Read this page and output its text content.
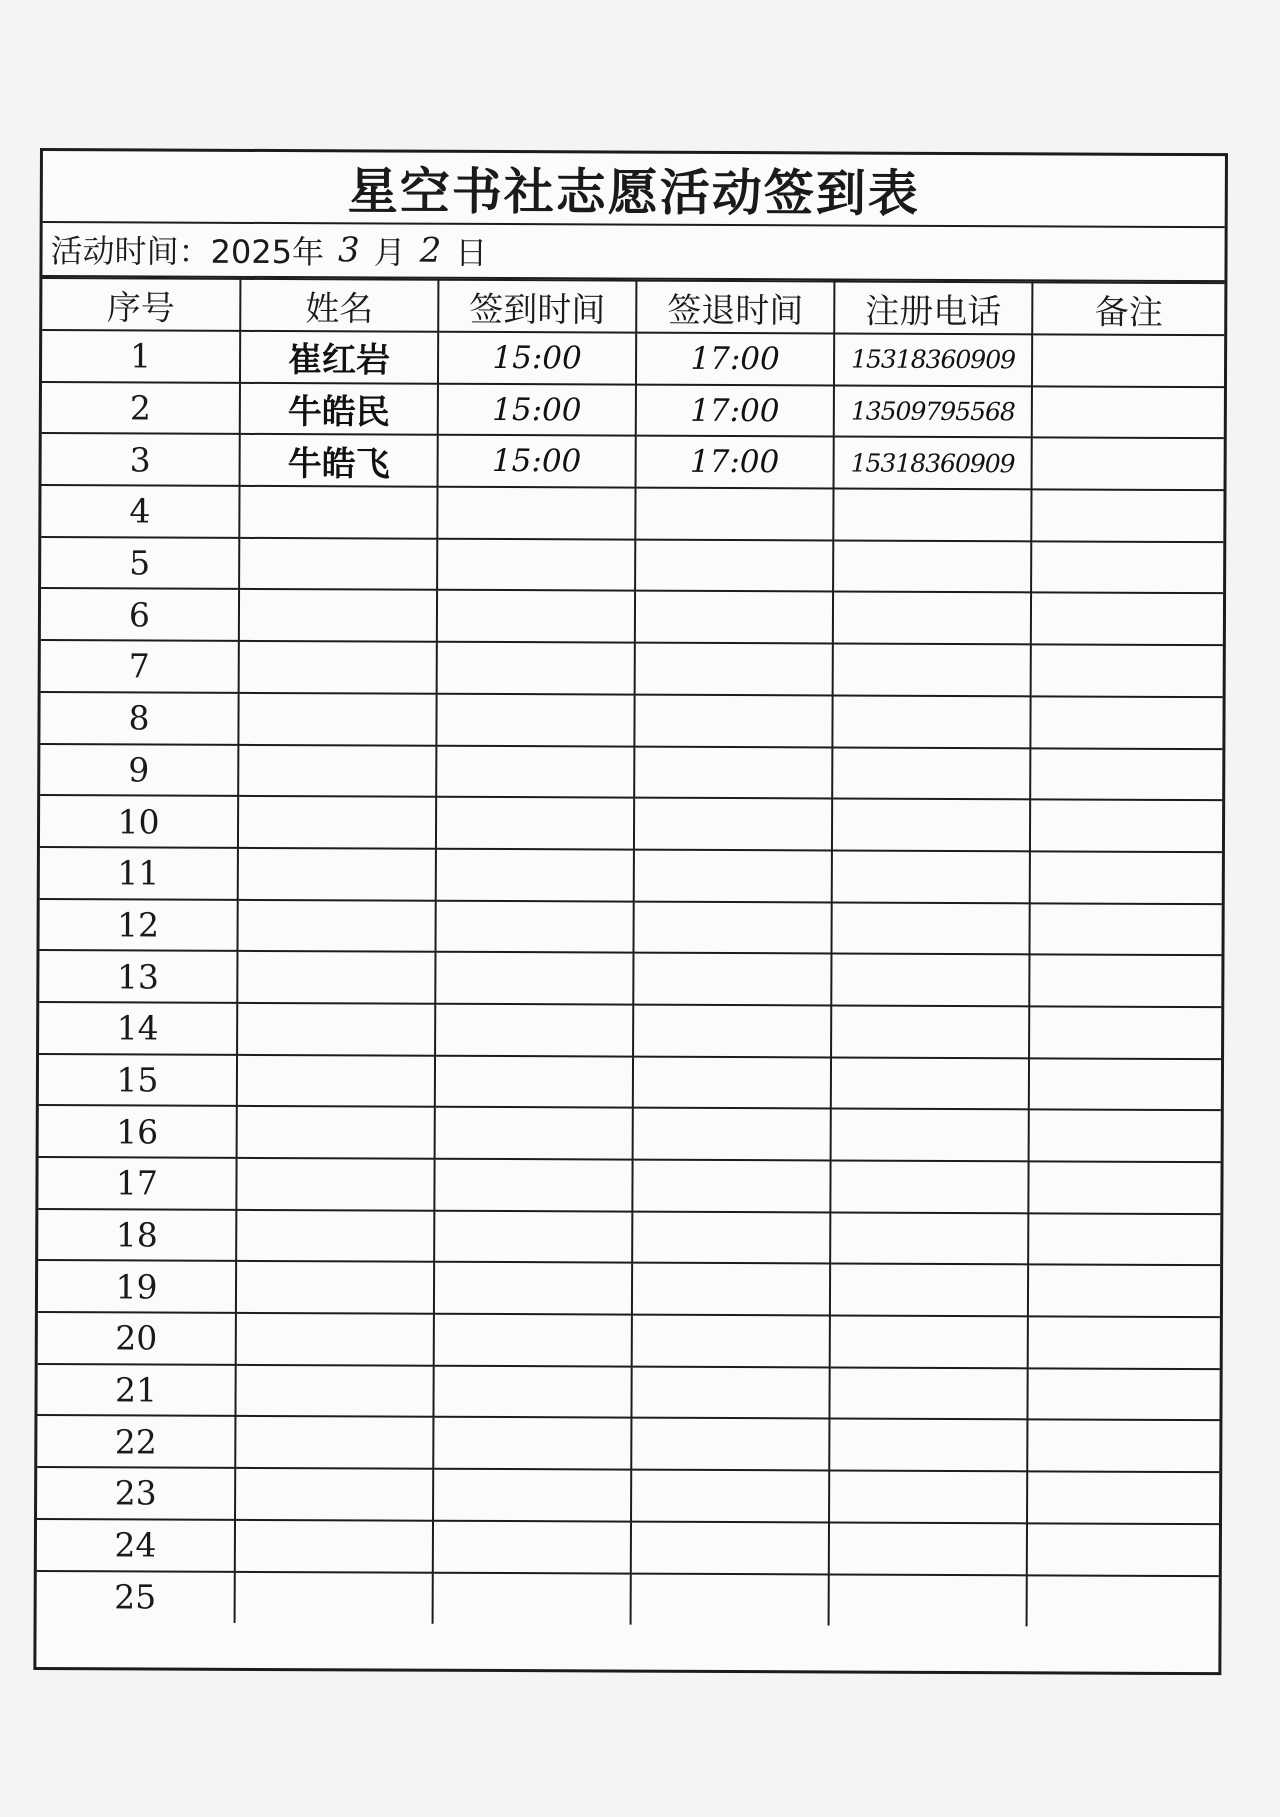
星空书社志愿活动签到表
活动时间：2025年 3 月 2 日
序号	姓名	签到时间	签退时间	注册电话	备注
1	崔红岩	15:00	17:00	15318360909	
2	牛皓民	15:00	17:00	13509795568	
3	牛皓飞	15:00	17:00	15318360909	
4					
5					
6					
7					
8					
9					
10					
11					
12					
13					
14					
15					
16					
17					
18					
19					
20					
21					
22					
23					
24					
25					
